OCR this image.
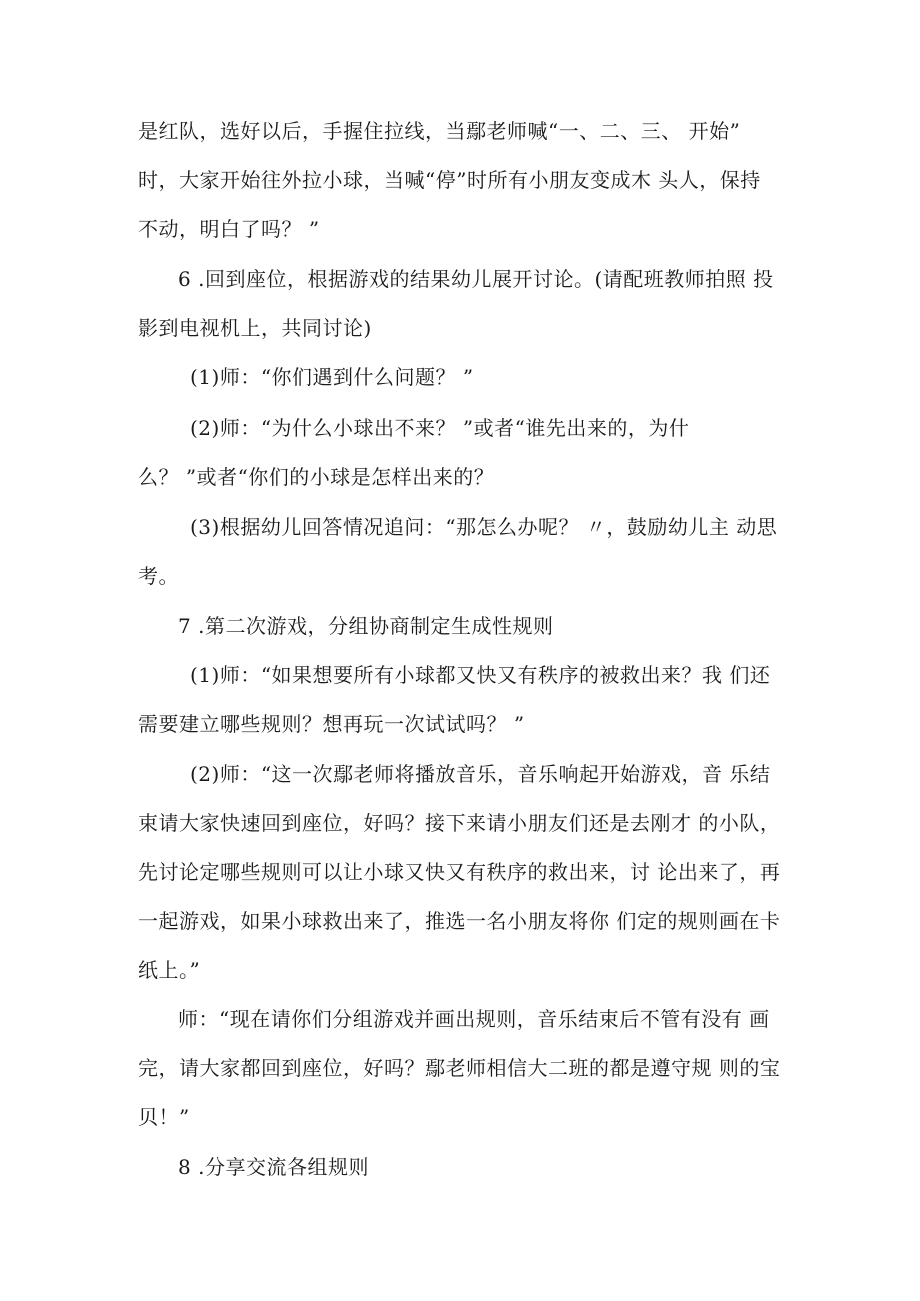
是红队，选好以后，手握住拉线，当鄢老师喊“一、二、三、 开始”
时，大家开始往外拉小球，当喊“停”时所有小朋友变成木 头人，保持
不动，明白了吗？ ”
6 .回到座位，根据游戏的结果幼儿展开讨论。(请配班教师拍照 投
影到电视机上，共同讨论)
(1)师：“你们遇到什么问题？ ”
(2)师：“为什么小球出不来？ ”或者“谁先出来的，为什
么？ ”或者“你们的小球是怎样出来的？
(3)根据幼儿回答情况追问：“那怎么办呢？ 〃，鼓励幼儿主 动思
考。
7 .第二次游戏，分组协商制定生成性规则
(1)师：“如果想要所有小球都又快又有秩序的被救出来？我 们还
需要建立哪些规则？想再玩一次试试吗？ ”
(2)师：“这一次鄢老师将播放音乐，音乐响起开始游戏，音 乐结
束请大家快速回到座位，好吗？接下来请小朋友们还是去刚才 的小队，
先讨论定哪些规则可以让小球又快又有秩序的救出来，讨 论出来了，再
一起游戏，如果小球救出来了，推选一名小朋友将你 们定的规则画在卡
纸上。”
师：“现在请你们分组游戏并画出规则，音乐结束后不管有没有 画
完，请大家都回到座位，好吗？鄢老师相信大二班的都是遵守规 则的宝
贝！”
8 .分享交流各组规则
